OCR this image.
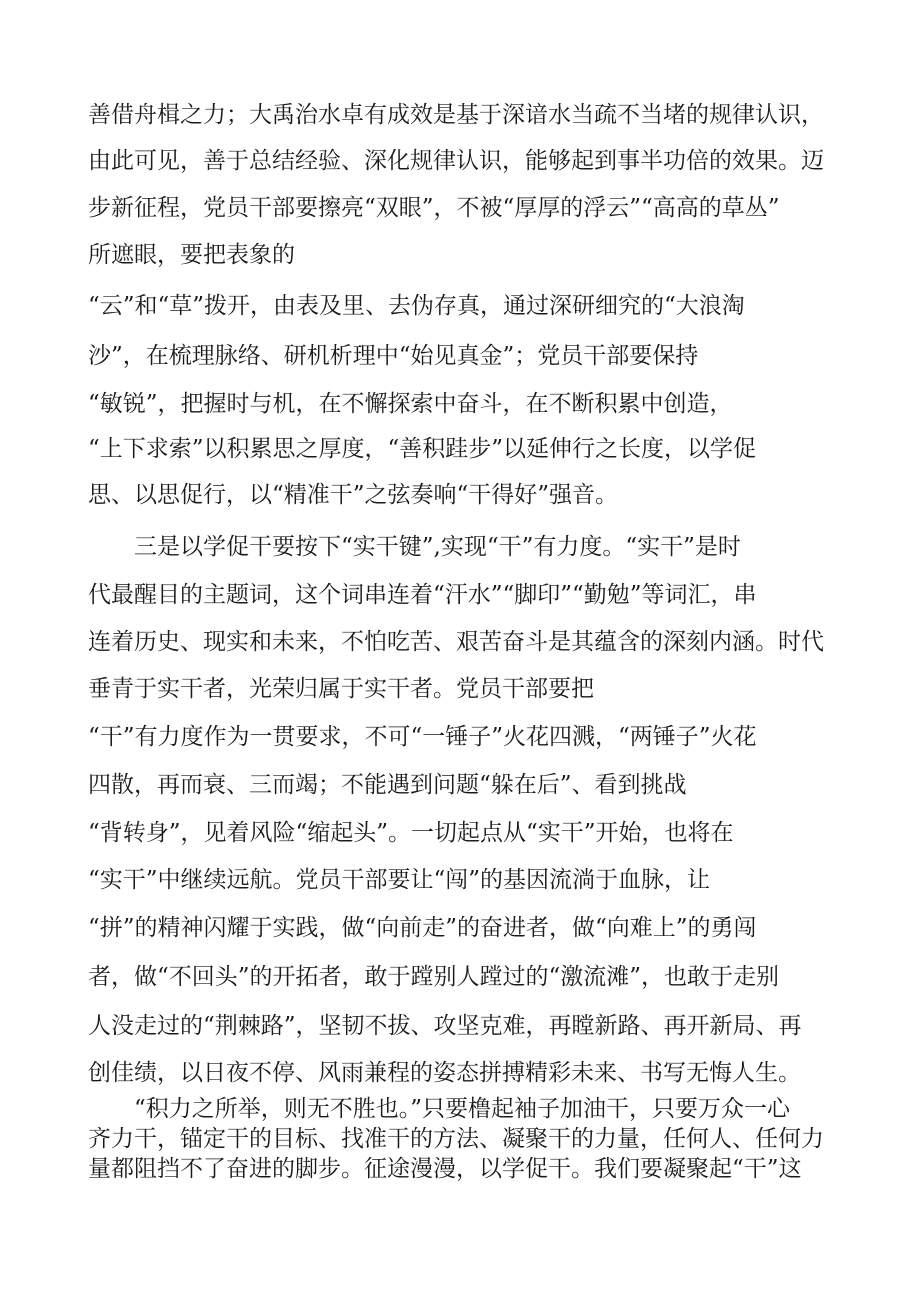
善借舟楫之力；大禹治水卓有成效是基于深谙水当疏不当堵的规律认识，

由此可见，善于总结经验、深化规律认识，能够起到事半功倍的效果。迈

步新征程，党员干部要擦亮“双眼”，不被“厚厚的浮云”“高高的草丛”

所遮眼，要把表象的

“云”和“草”拨开，由表及里、去伪存真，通过深研细究的“大浪淘

沙”，在梳理脉络、研机析理中“始见真金”；党员干部要保持

“敏锐”，把握时与机，在不懈探索中奋斗，在不断积累中创造，

“上下求索”以积累思之厚度，“善积跬步”以延伸行之长度，以学促

思、以思促行，以“精准干”之弦奏响“干得好”强音。

三是以学促干要按下“实干键”,实现“干”有力度。“实干”是时

代最醒目的主题词，这个词串连着“汗水”“脚印”“勤勉”等词汇，串

连着历史、现实和未来，不怕吃苦、艰苦奋斗是其蕴含的深刻内涵。时代

垂青于实干者，光荣归属于实干者。党员干部要把

“干”有力度作为一贯要求，不可“一锤子”火花四溅，“两锤子”火花

四散，再而衰、三而竭；不能遇到问题“躲在后”、看到挑战

“背转身”，见着风险“缩起头”。一切起点从“实干”开始，也将在

“实干”中继续远航。党员干部要让“闯”的基因流淌于血脉，让

“拼”的精神闪耀于实践，做“向前走”的奋进者，做“向难上”的勇闯

者，做“不回头”的开拓者，敢于蹚别人蹚过的“激流滩”，也敢于走别

人没走过的“荆棘路”，坚韧不拔、攻坚克难，再瞠新路、再开新局、再

创佳绩，以日夜不停、风雨兼程的姿态拼搏精彩未来、书写无悔人生。

“积力之所举，则无不胜也。”只要橹起袖子加油干，只要万众一心

齐力干，锚定干的目标、找准干的方法、凝聚干的力量，任何人、任何力

量都阻挡不了奋进的脚步。征途漫漫，以学促干。我们要凝聚起“干”这
